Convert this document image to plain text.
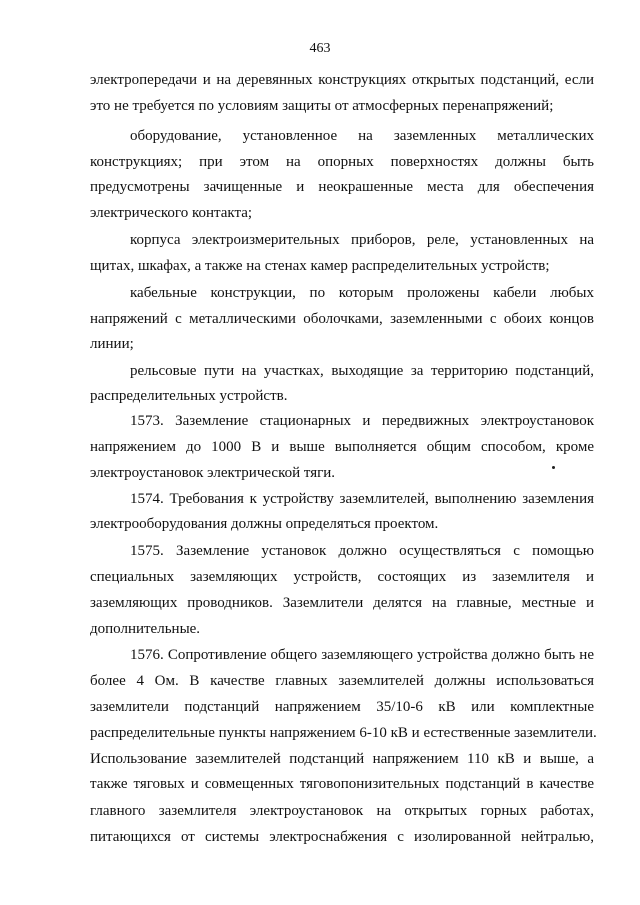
463
электропередачи и на деревянных конструкциях открытых подстанций, если
это не требуется по условиям защиты от атмосферных перенапряжений;
оборудование, установленное на заземленных металлических
конструкциях; при этом на опорных поверхностях должны быть
предусмотрены зачищенные и неокрашенные места для обеспечения
электрического контакта;
корпуса электроизмерительных приборов, реле, установленных на
щитах, шкафах, а также на стенах камер распределительных устройств;
кабельные конструкции, по которым проложены кабели любых
напряжений с металлическими оболочками, заземленными с обоих концов
линии;
рельсовые пути на участках, выходящие за территорию подстанций,
распределительных устройств.
1573. Заземление стационарных и передвижных электроустановок
напряжением до 1000 В и выше выполняется общим способом, кроме
электроустановок электрической тяги.
1574. Требования к устройству заземлителей, выполнению заземления
электрооборудования должны определяться проектом.
1575. Заземление установок должно осуществляться с помощью
специальных заземляющих устройств, состоящих из заземлителя и
заземляющих проводников. Заземлители делятся на главные, местные и
дополнительные.
1576. Сопротивление общего заземляющего устройства должно быть не
более 4 Ом. В качестве главных заземлителей должны использоваться
заземлители подстанций напряжением 35/10-6 кВ или комплектные
распределительные пункты напряжением 6-10 кВ и естественные заземлители.
Использование заземлителей подстанций напряжением 110 кВ и выше, а
также тяговых и совмещенных тяговопонизительных подстанций в качестве
главного заземлителя электроустановок на открытых горных работах,
питающихся от системы электроснабжения с изолированной нейтралью,
